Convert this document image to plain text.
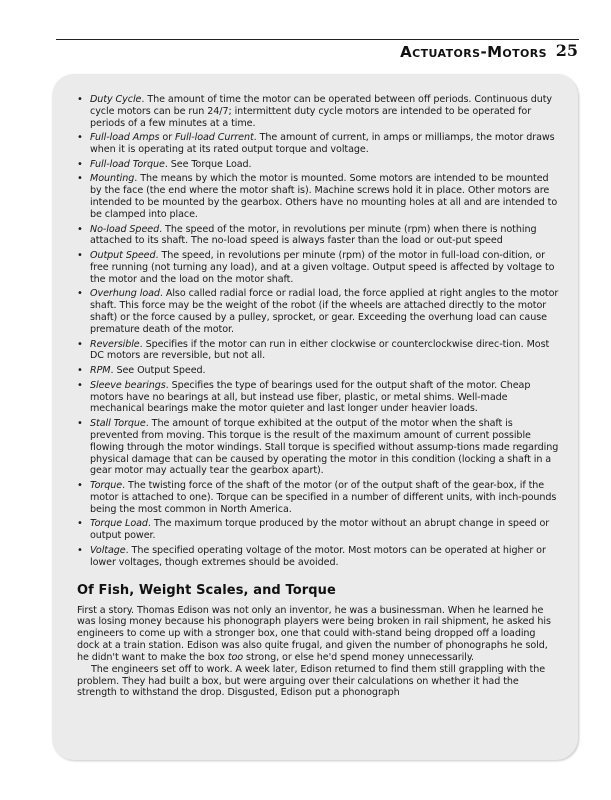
Actuators-Motors 25
• Duty Cycle. The amount of time the motor can be operated between off periods. Continuous duty cycle motors can be run 24/7; intermittent duty cycle motors are intended to be operated for periods of a few minutes at a time.
• Full-load Amps or Full-load Current. The amount of current, in amps or milliamps, the motor draws when it is operating at its rated output torque and voltage.
• Full-load Torque. See Torque Load.
• Mounting. The means by which the motor is mounted. Some motors are intended to be mounted by the face (the end where the motor shaft is). Machine screws hold it in place. Other motors are intended to be mounted by the gearbox. Others have no mounting holes at all and are intended to be clamped into place.
• No-load Speed. The speed of the motor, in revolutions per minute (rpm) when there is nothing attached to its shaft. The no-load speed is always faster than the load or out-put speed
• Output Speed. The speed, in revolutions per minute (rpm) of the motor in full-load con-dition, or free running (not turning any load), and at a given voltage. Output speed is affected by voltage to the motor and the load on the motor shaft.
• Overhung load. Also called radial force or radial load, the force applied at right angles to the motor shaft. This force may be the weight of the robot (if the wheels are attached directly to the motor shaft) or the force caused by a pulley, sprocket, or gear. Exceeding the overhung load can cause premature death of the motor.
• Reversible. Specifies if the motor can run in either clockwise or counterclockwise direc-tion. Most DC motors are reversible, but not all.
• RPM. See Output Speed.
• Sleeve bearings. Specifies the type of bearings used for the output shaft of the motor. Cheap motors have no bearings at all, but instead use fiber, plastic, or metal shims. Well-made mechanical bearings make the motor quieter and last longer under heavier loads.
• Stall Torque. The amount of torque exhibited at the output of the motor when the shaft is prevented from moving. This torque is the result of the maximum amount of current possible flowing through the motor windings. Stall torque is specified without assump-tions made regarding physical damage that can be caused by operating the motor in this condition (locking a shaft in a gear motor may actually tear the gearbox apart).
• Torque. The twisting force of the shaft of the motor (or of the output shaft of the gear-box, if the motor is attached to one). Torque can be specified in a number of different units, with inch-pounds being the most common in North America.
• Torque Load. The maximum torque produced by the motor without an abrupt change in speed or output power.
• Voltage. The specified operating voltage of the motor. Most motors can be operated at higher or lower voltages, though extremes should be avoided.
Of Fish, Weight Scales, and Torque

First a story. Thomas Edison was not only an inventor, he was a businessman. When he learned he was losing money because his phonograph players were being broken in rail shipment, he asked his engineers to come up with a stronger box, one that could with-stand being dropped off a loading dock at a train station. Edison was also quite frugal, and given the number of phonographs he sold, he didn't want to make the box too strong, or else he'd spend money unnecessarily.

The engineers set off to work. A week later, Edison returned to find them still grappling with the problem. They had built a box, but were arguing over their calculations on whether it had the strength to withstand the drop. Disgusted, Edison put a phonograph
